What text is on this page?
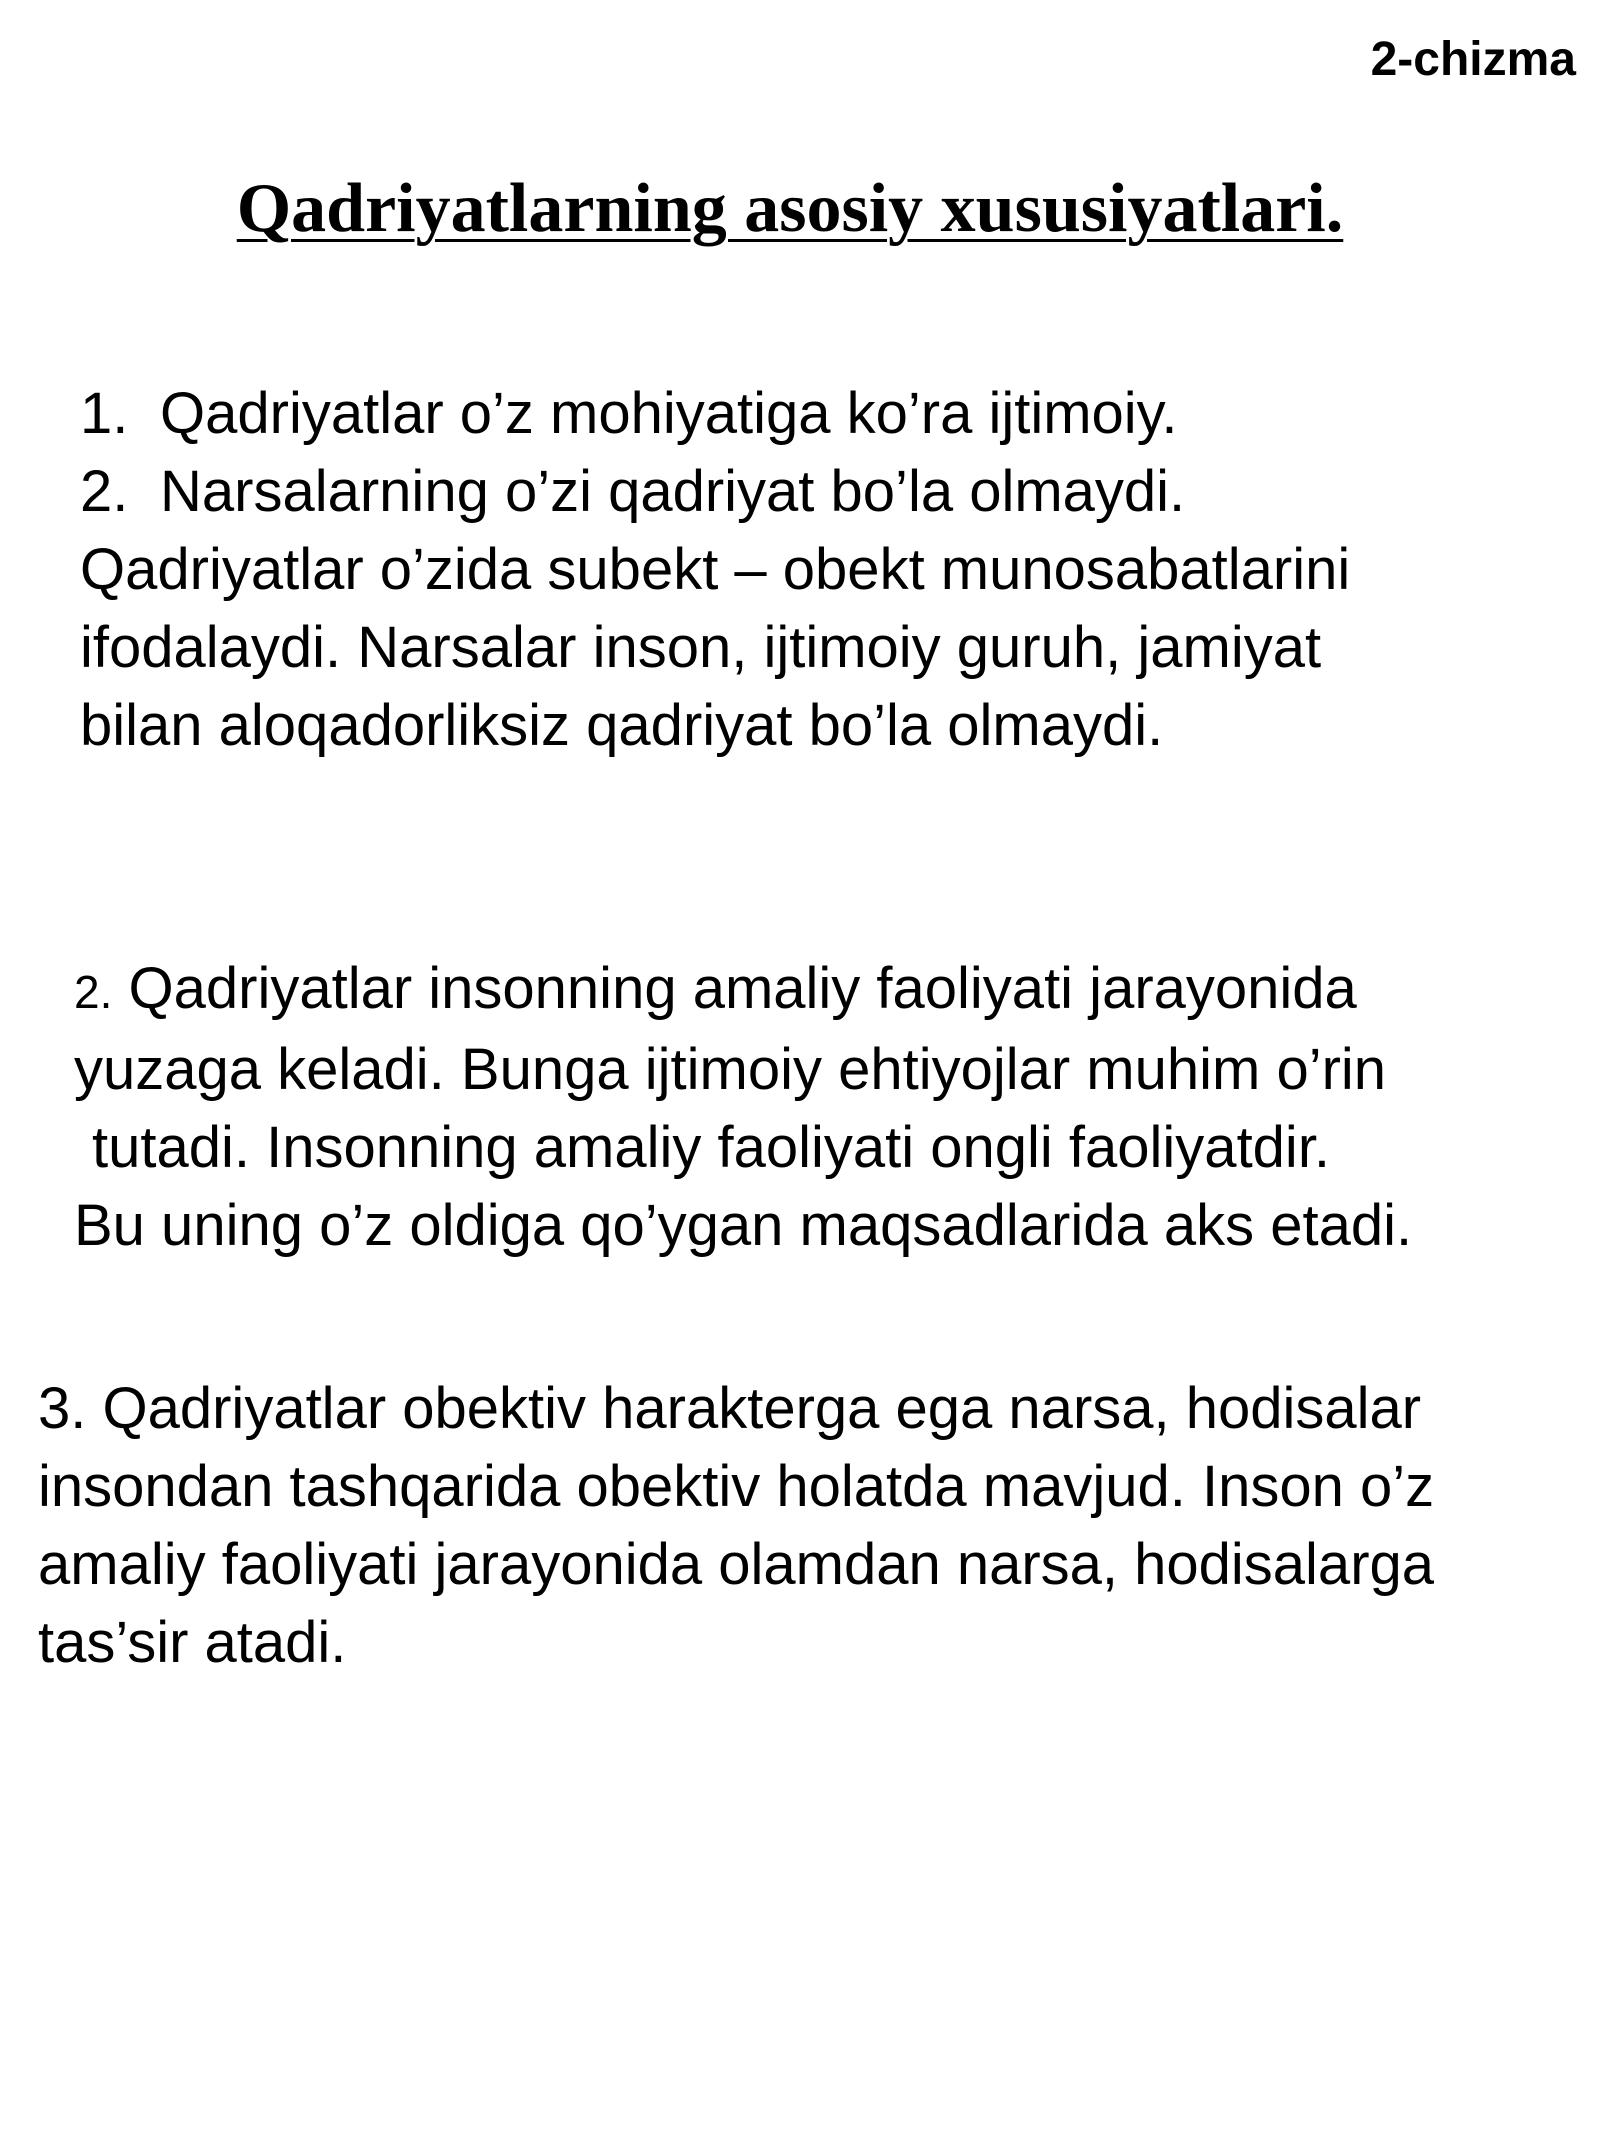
2-chizma
Qadriyatlarning asosiy xususiyatlari.
1. Qadriyatlar o’z mohiyatiga ko’ra ijtimoiy.
2. Narsalarning o’zi qadriyat bo’la olmaydi.
Qadriyatlar o’zida subekt – obekt munosabatlarini
ifodalaydi. Narsalar inson, ijtimoiy guruh, jamiyat
bilan aloqadorliksiz qadriyat bo’la olmaydi.
2. Qadriyatlar insonning amaliy faoliyati jarayonida
yuzaga keladi. Bunga ijtimoiy ehtiyojlar muhim o’rin
tutadi. Insonning amaliy faoliyati ongli faoliyatdir.
Bu uning o’z oldiga qo’ygan maqsadlarida aks etadi.
3. Qadriyatlar obektiv harakterga ega narsa, hodisalar
insondan tashqarida obektiv holatda mavjud. Inson o’z
amaliy faoliyati jarayonida olamdan narsa, hodisalarga
tas’sir atadi.
